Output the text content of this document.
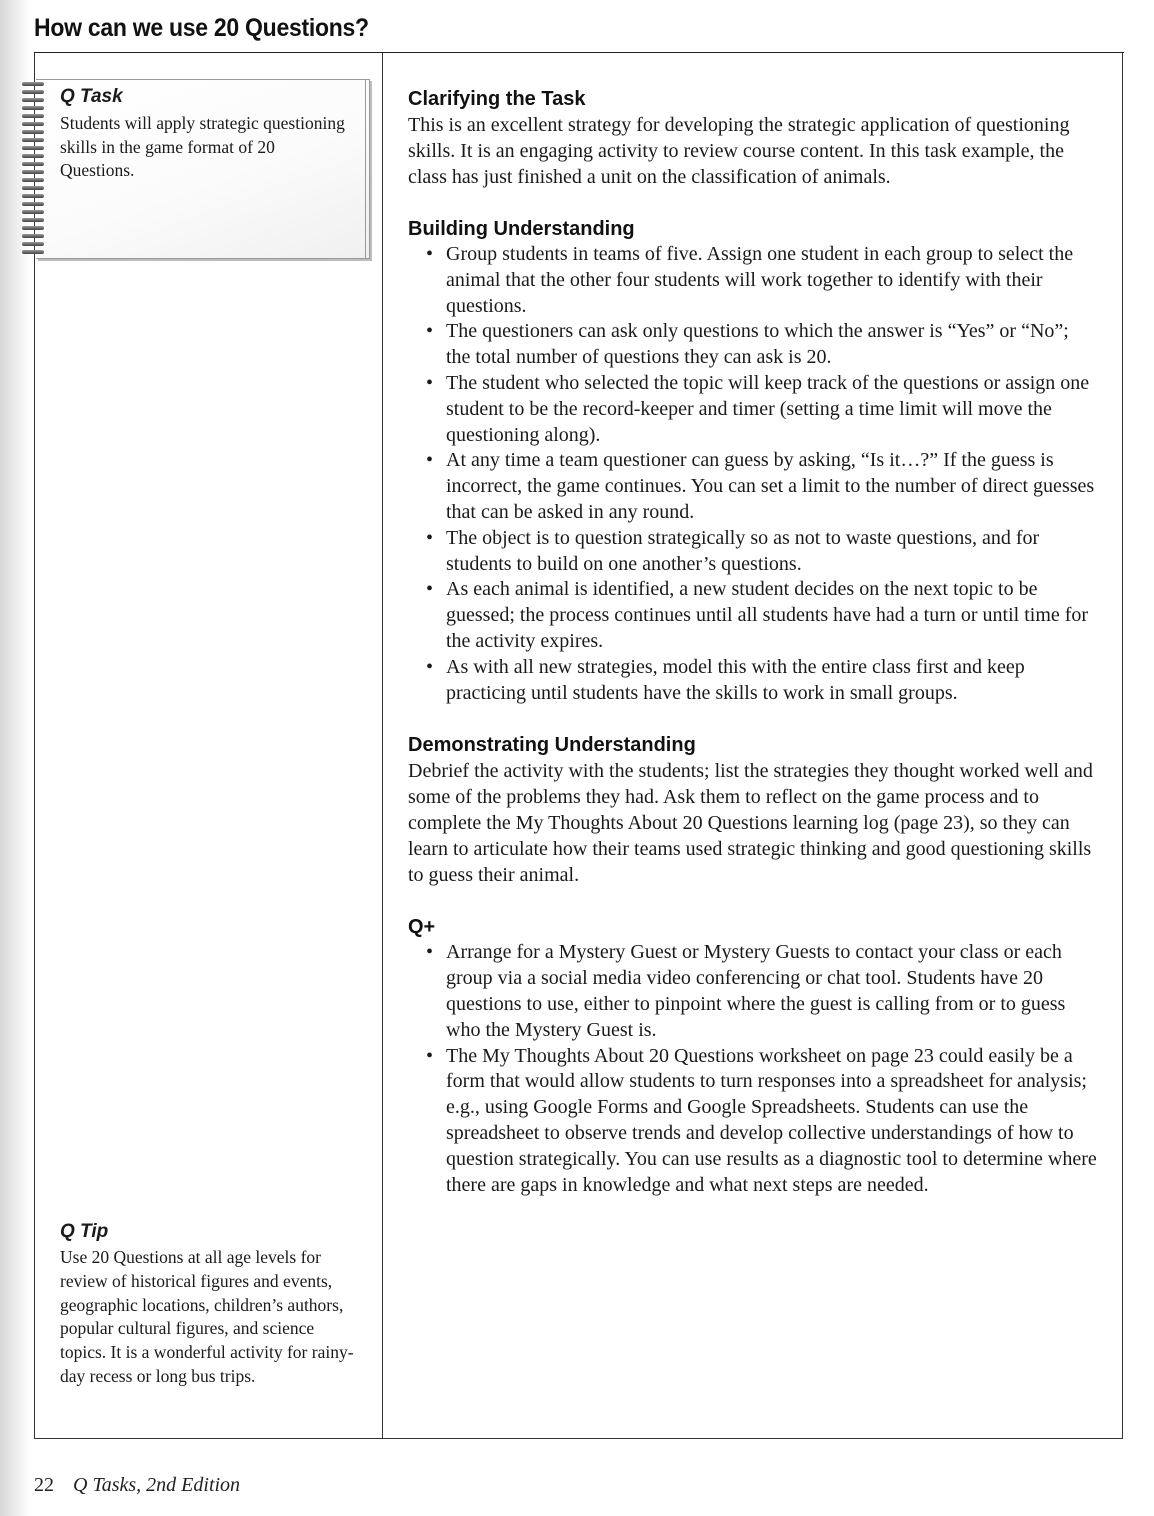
How can we use 20 Questions?
Q Task

Students will apply strategic questioning skills in the game format of 20 Questions.

Q Tip

Use 20 Questions at all age levels for review of historical figures and events, geographic locations, children’s authors, popular cultural figures, and science topics. It is a wonderful activity for rainy-day recess or long bus trips.

Clarifying the Task

This is an excellent strategy for developing the strategic application of questioning skills. It is an engaging activity to review course content. In this task example, the class has just finished a unit on the classification of animals.

Building Understanding
• Group students in teams of five. Assign one student in each group to select the animal that the other four students will work together to identify with their questions.
• The questioners can ask only questions to which the answer is “Yes” or “No”; the total number of questions they can ask is 20.
• The student who selected the topic will keep track of the questions or assign one student to be the record-keeper and timer (setting a time limit will move the questioning along).
• At any time a team questioner can guess by asking, “Is it…?” If the guess is incorrect, the game continues. You can set a limit to the number of direct guesses that can be asked in any round.
• The object is to question strategically so as not to waste questions, and for students to build on one another’s questions.
• As each animal is identified, a new student decides on the next topic to be guessed; the process continues until all students have had a turn or until time for the activity expires.
• As with all new strategies, model this with the entire class first and keep practicing until students have the skills to work in small groups.
Demonstrating Understanding

Debrief the activity with the students; list the strategies they thought worked well and some of the problems they had. Ask them to reflect on the game process and to complete the My Thoughts About 20 Questions learning log (page 23), so they can learn to articulate how their teams used strategic thinking and good questioning skills to guess their animal.

Q+
• Arrange for a Mystery Guest or Mystery Guests to contact your class or each group via a social media video conferencing or chat tool. Students have 20 questions to use, either to pinpoint where the guest is calling from or to guess who the Mystery Guest is.
• The My Thoughts About 20 Questions worksheet on page 23 could easily be a form that would allow students to turn responses into a spreadsheet for analysis; e.g., using Google Forms and Google Spreadsheets. Students can use the spreadsheet to observe trends and develop collective understandings of how to question strategically. You can use results as a diagnostic tool to determine where there are gaps in knowledge and what next steps are needed.
22 Q Tasks, 2nd Edition
